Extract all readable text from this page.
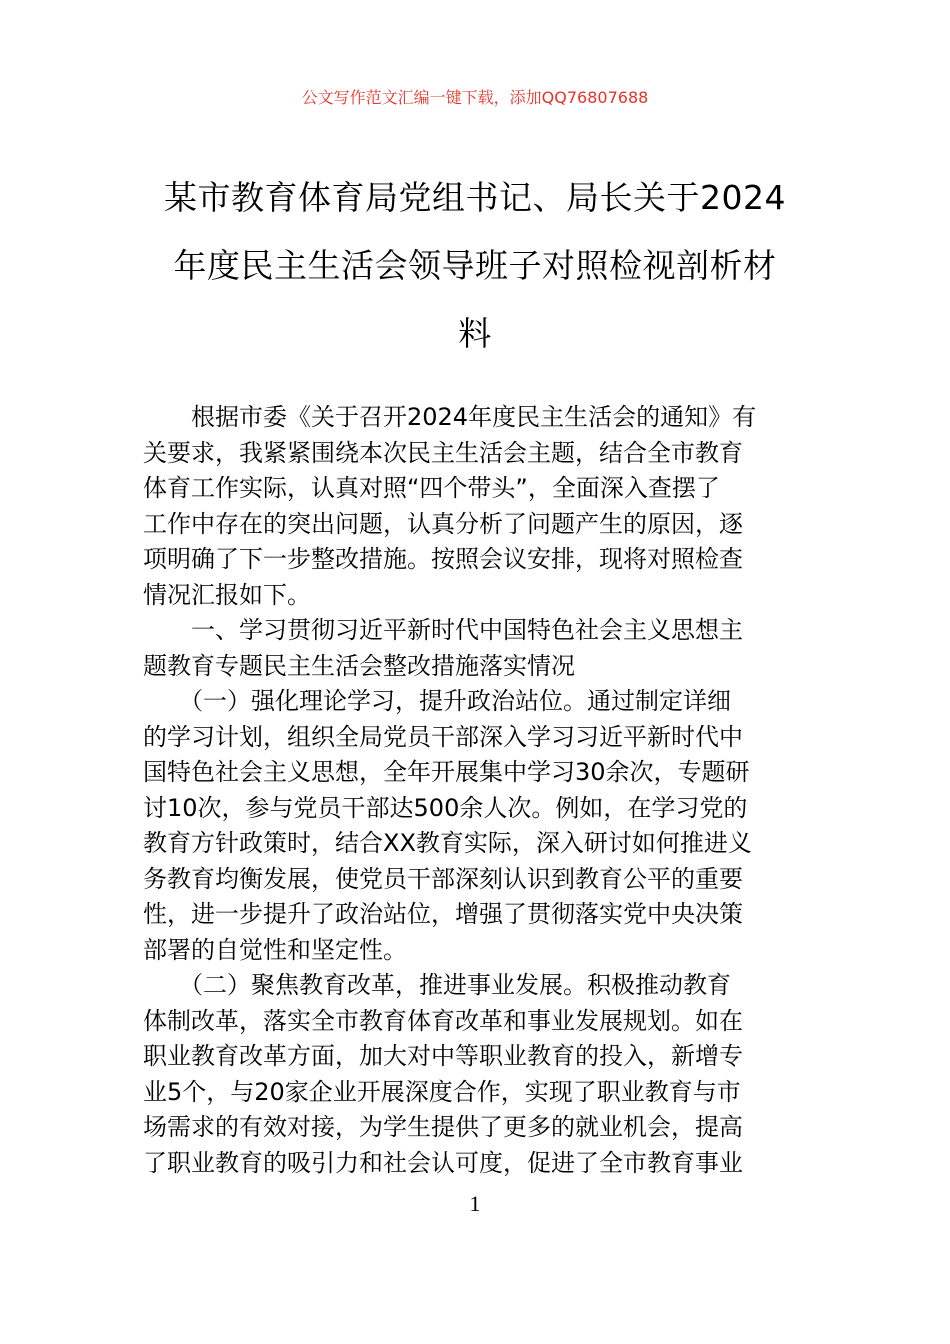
公文写作范文汇编一键下载，添加QQ76807688
某市教育体育局党组书记、局长关于2024
年度民主生活会领导班子对照检视剖析材
料

　　根据市委《关于召开2024年度民主生活会的通知》有
关要求，我紧紧围绕本次民主生活会主题，结合全市教育
体育工作实际，认真对照“四个带头”，全面深入查摆了
工作中存在的突出问题，认真分析了问题产生的原因，逐
项明确了下一步整改措施。按照会议安排，现将对照检查
情况汇报如下。

　　一、学习贯彻习近平新时代中国特色社会主义思想主
题教育专题民主生活会整改措施落实情况

　　（一）强化理论学习，提升政治站位。通过制定详细
的学习计划，组织全局党员干部深入学习习近平新时代中
国特色社会主义思想，全年开展集中学习30余次，专题研
讨10次，参与党员干部达500余人次。例如，在学习党的
教育方针政策时，结合XX教育实际，深入研讨如何推进义
务教育均衡发展，使党员干部深刻认识到教育公平的重要
性，进一步提升了政治站位，增强了贯彻落实党中央决策
部署的自觉性和坚定性。

　　（二）聚焦教育改革，推进事业发展。积极推动教育
体制改革，落实全市教育体育改革和事业发展规划。如在
职业教育改革方面，加大对中等职业教育的投入，新增专
业5个，与20家企业开展深度合作，实现了职业教育与市
场需求的有效对接，为学生提供了更多的就业机会，提高
了职业教育的吸引力和社会认可度，促进了全市教育事业

1
